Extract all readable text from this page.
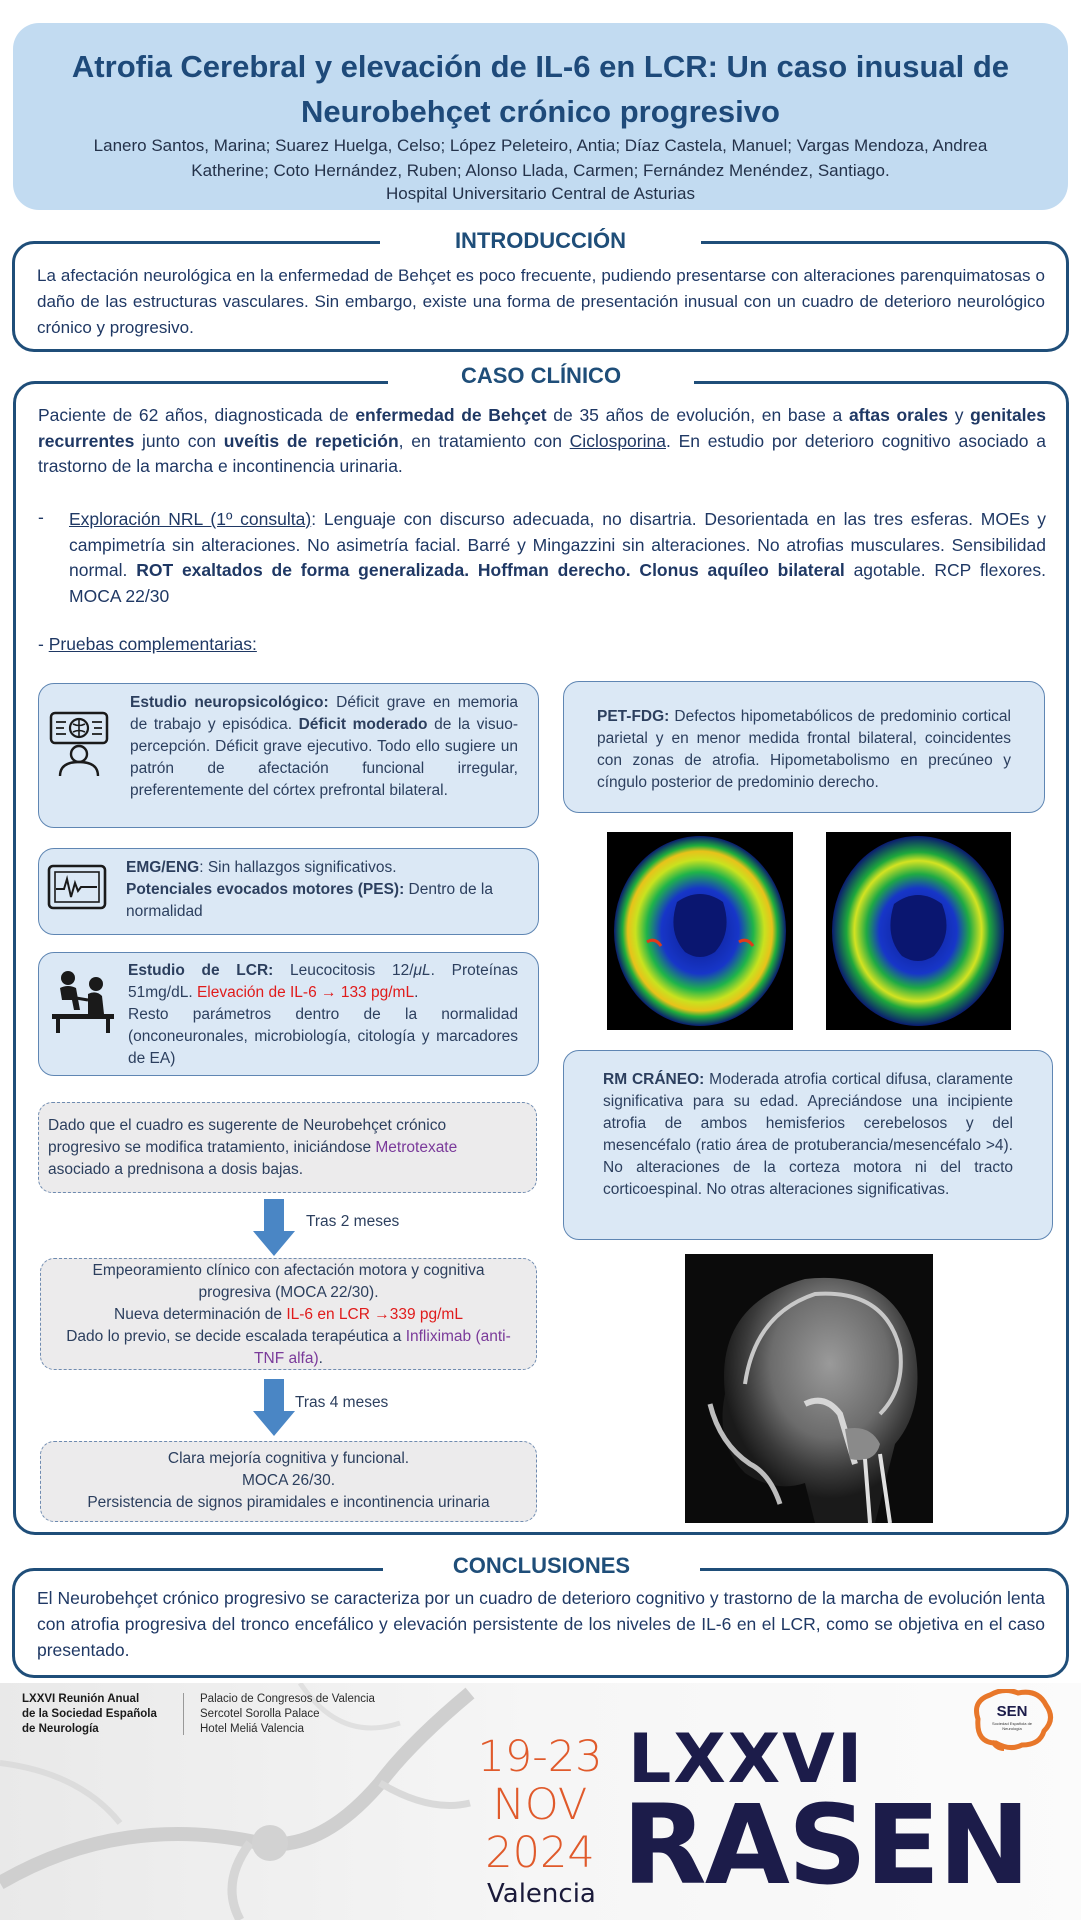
Atrofia Cerebral y elevación de IL-6 en LCR: Un caso inusual de Neurobehçet crónico progresivo
Lanero Santos, Marina; Suarez Huelga, Celso; López Peleteiro, Antia; Díaz Castela, Manuel; Vargas Mendoza, Andrea Katherine; Coto Hernández, Ruben; Alonso Llada, Carmen; Fernández Menéndez, Santiago.
Hospital Universitario Central de Asturias
INTRODUCCIÓN
La afectación neurológica en la enfermedad de Behçet es poco frecuente, pudiendo presentarse con alteraciones parenquimatosas o daño de las estructuras vasculares. Sin embargo, existe una forma de presentación inusual con un cuadro de deterioro neurológico crónico y progresivo.
CASO CLÍNICO
Paciente de 62 años, diagnosticada de enfermedad de Behçet de 35 años de evolución, en base a aftas orales y genitales recurrentes junto con uveítis de repetición, en tratamiento con Ciclosporina. En estudio por deterioro cognitivo asociado a trastorno de la marcha e incontinencia urinaria.
- Exploración NRL (1º consulta): Lenguaje con discurso adecuada, no disartria. Desorientada en las tres esferas. MOEs y campimetría sin alteraciones. No asimetría facial. Barré y Mingazzini sin alteraciones. No atrofias musculares. Sensibilidad normal. ROT exaltados de forma generalizada. Hoffman derecho. Clonus aquíleo bilateral agotable. RCP flexores. MOCA 22/30
- Pruebas complementarias:
Estudio neuropsicológico: Déficit grave en memoria de trabajo y episódica. Déficit moderado de la visuo-percepción. Déficit grave ejecutivo. Todo ello sugiere un patrón de afectación funcional irregular, preferentemente del córtex prefrontal bilateral.
EMG/ENG: Sin hallazgos significativos.
Potenciales evocados motores (PES): Dentro de la normalidad
Estudio de LCR: Leucocitosis 12/μL. Proteínas 51mg/dL. Elevación de IL-6 → 133 pg/mL.
Resto parámetros dentro de la normalidad (onconeuronales, microbiología, citología y marcadores de EA)
Dado que el cuadro es sugerente de Neurobehçet crónico progresivo se modifica tratamiento, iniciándose Metrotexate asociado a prednisona a dosis bajas.
Tras 2 meses
Empeoramiento clínico con afectación motora y cognitiva progresiva (MOCA 22/30).
Nueva determinación de IL-6 en LCR →339 pg/mL
Dado lo previo, se decide escalada terapéutica a Infliximab (anti-TNF alfa).
Tras 4 meses
Clara mejoría cognitiva y funcional.
MOCA 26/30.
Persistencia de signos piramidales e incontinencia urinaria
PET-FDG: Defectos hipometabólicos de predominio cortical parietal y en menor medida frontal bilateral, coincidentes con zonas de atrofia. Hipometabolismo en precúneo y cíngulo posterior de predominio derecho.
RM CRÁNEO: Moderada atrofia cortical difusa, claramente significativa para su edad. Apreciándose una incipiente atrofia de ambos hemisferios cerebelosos y del mesencéfalo (ratio área de protuberancia/mesencéfalo >4). No alteraciones de la corteza motora ni del tracto corticoespinal. No otras alteraciones significativas.
CONCLUSIONES
El Neurobehçet crónico progresivo se caracteriza por un cuadro de deterioro cognitivo y trastorno de la marcha de evolución lenta con atrofia progresiva del tronco encefálico y elevación persistente de los niveles de IL-6 en el LCR, como se objetiva en el caso presentado.
LXXVI Reunión Anual
de la Sociedad Española
de Neurología
Palacio de Congresos de Valencia
Sercotel Sorolla Palace
Hotel Meliá Valencia
19-23
NOV
2024
Valencia
LXXVI
RASEN
SEN
Sociedad Española de Neurología
